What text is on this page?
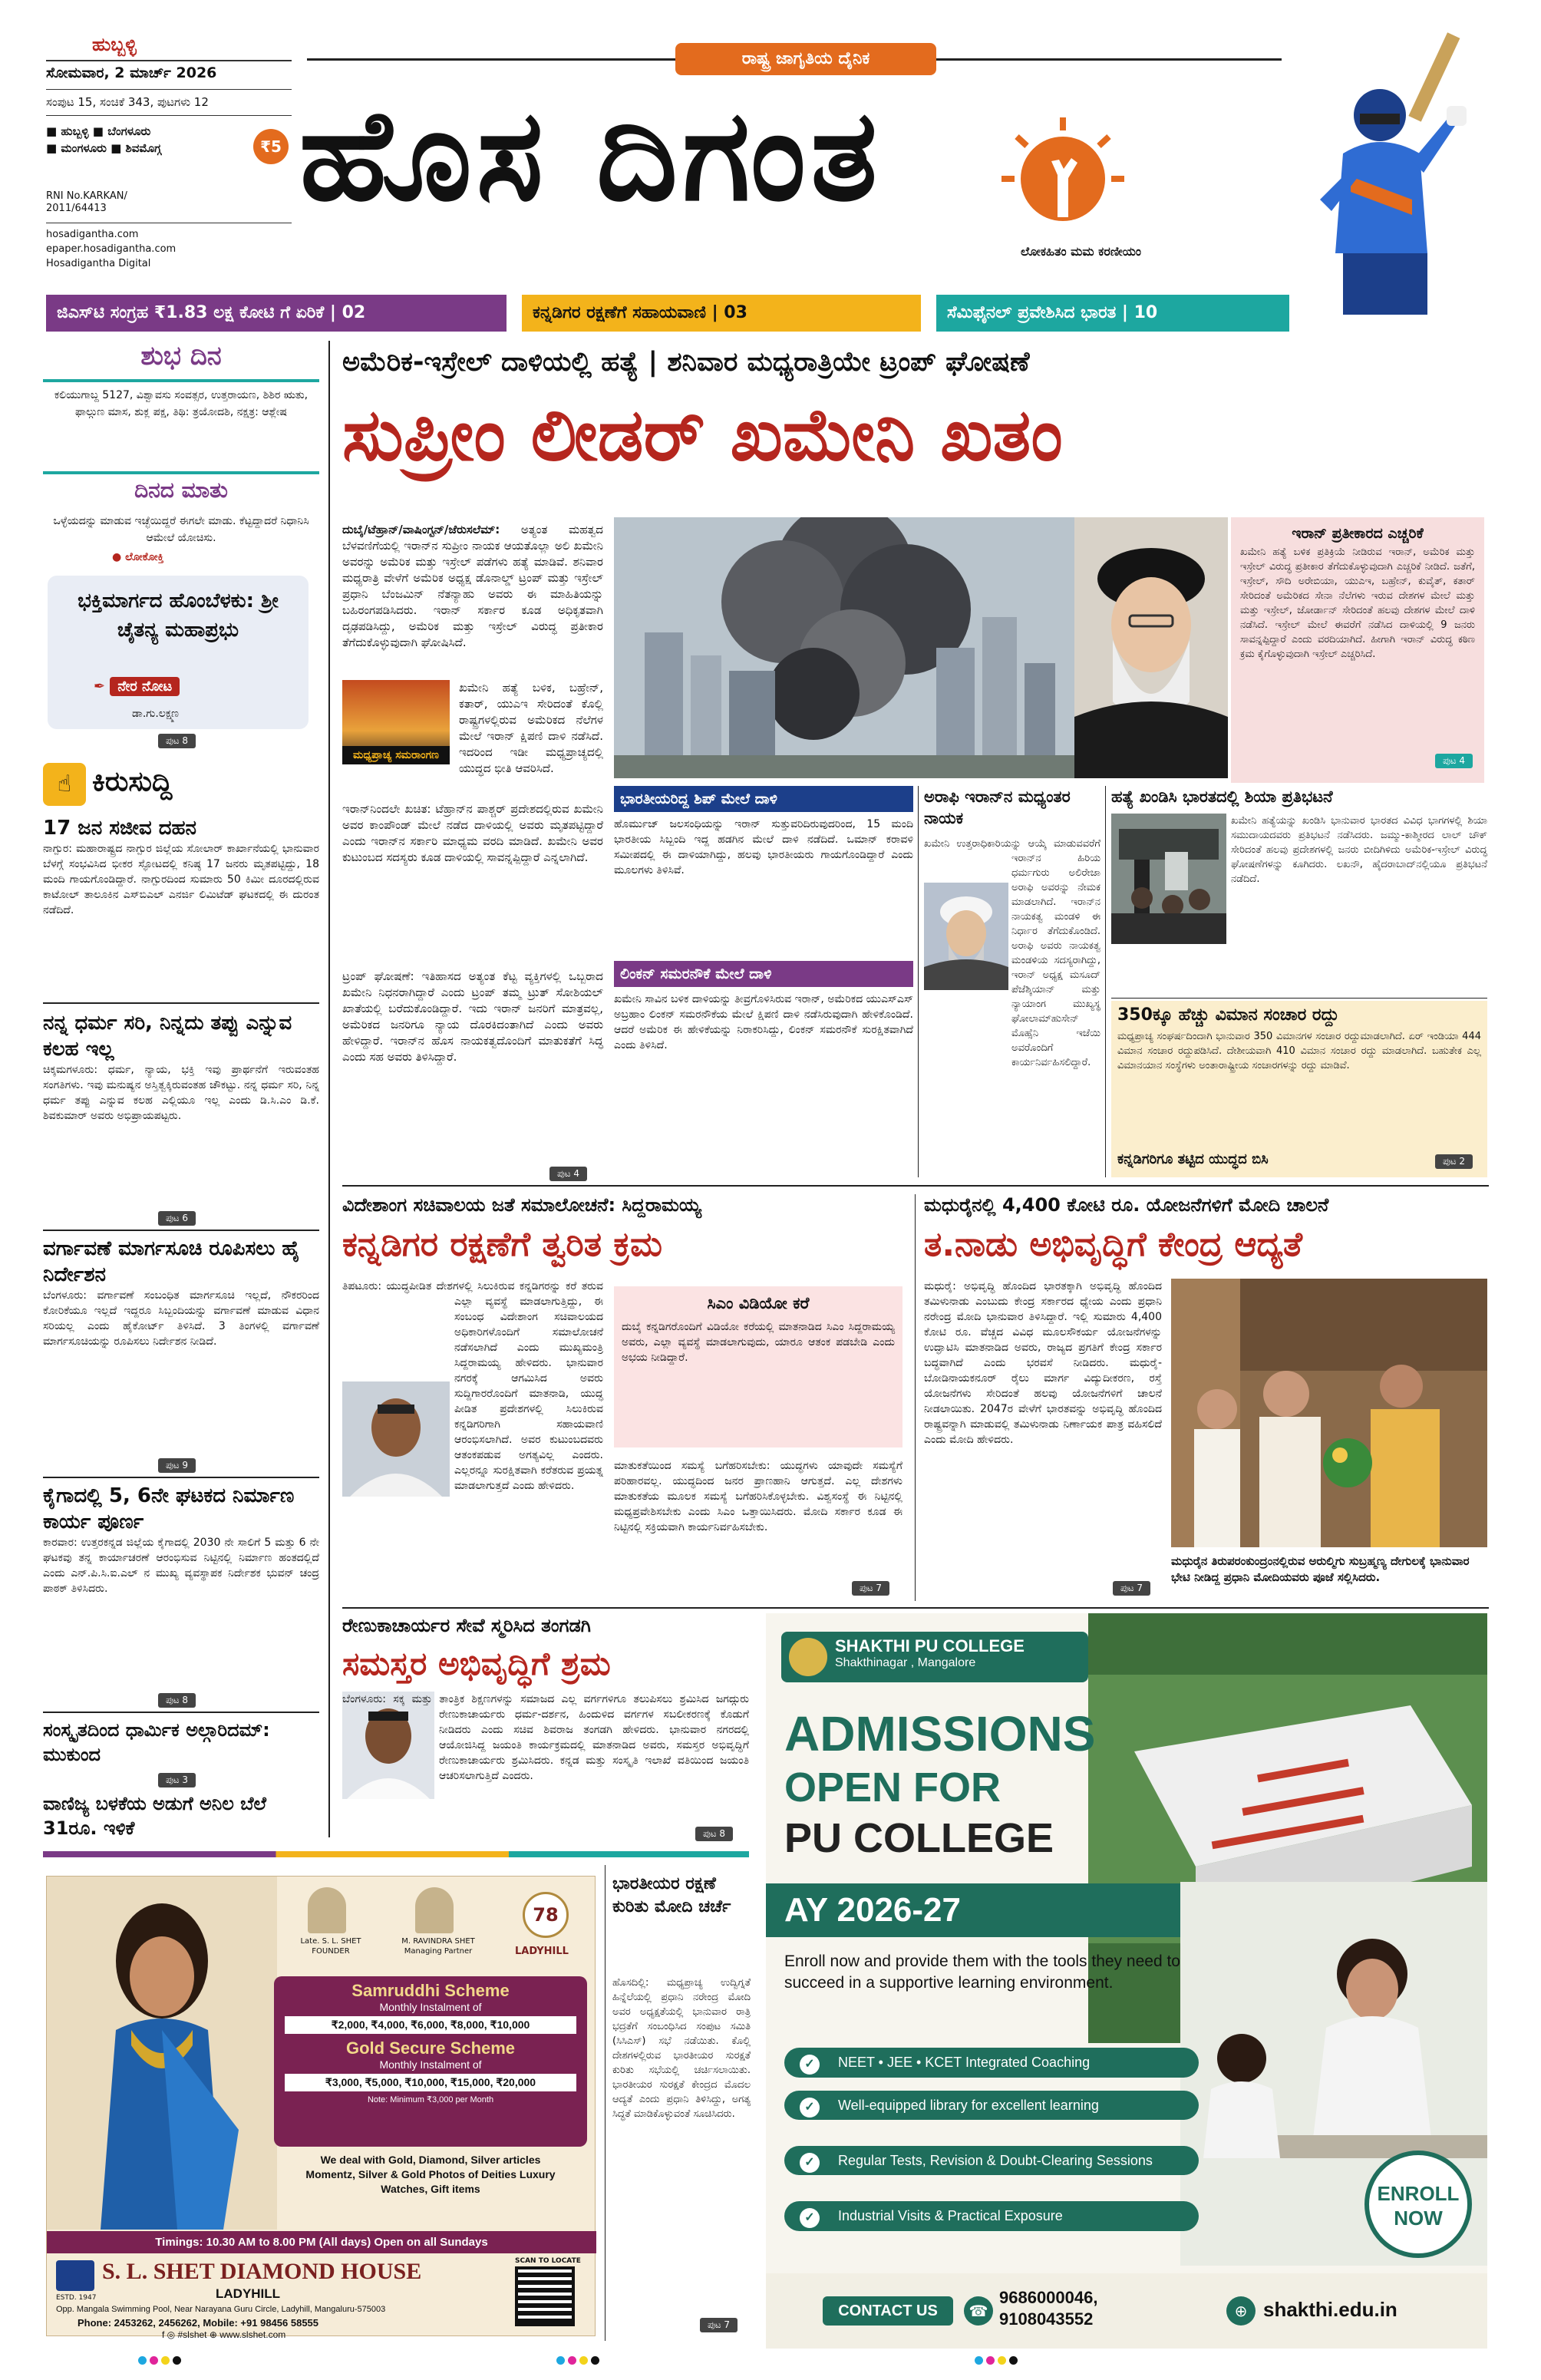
ಹುಬ್ಬಳ್ಳಿ
ಸೋಮವಾರ, 2 ಮಾರ್ಚ್ 2026
ಸಂಪುಟ 15, ಸಂಚಿಕೆ 343, ಪುಟಗಳು 12
■ ಹುಬ್ಬಳ್ಳಿ ■ ಬೆಂಗಳೂರು
■ ಮಂಗಳೂರು ■ ಶಿವಮೊಗ್ಗ	₹5
RNI No.KARKAN/ 2011/64413
hosadigantha.com
epaper.hosadigantha.com
Hosadigantha Digital
ರಾಷ್ಟ್ರ ಜಾಗೃತಿಯ ದೈನಿಕ
ಹೊಸ ದಿಗಂತ
ಲೋಕಹಿತಂ ಮಮ ಕರಣೀಯಂ
ಜಿಎಸ್‌ಟಿ ಸಂಗ್ರಹ ₹1.83 ಲಕ್ಷ ಕೋಟಿ ಗೆ ಏರಿಕೆ | 02	ಕನ್ನಡಿಗರ ರಕ್ಷಣೆಗೆ ಸಹಾಯವಾಣಿ | 03	ಸೆಮಿಫೈನಲ್ ಪ್ರವೇಶಿಸಿದ ಭಾರತ | 10
ಶುಭ ದಿನ
ಕಲಿಯುಗಾಬ್ದ 5127, ವಿಶ್ವಾವಸು ಸಂವತ್ಸರ, ಉತ್ತರಾಯಣ, ಶಿಶಿರ ಋತು, ಫಾಲ್ಗುಣ ಮಾಸ, ಶುಕ್ಲ ಪಕ್ಷ, ತಿಥಿ: ತ್ರಯೋದಶಿ, ನಕ್ಷತ್ರ: ಆಶ್ಲೇಷ
ದಿನದ ಮಾತು
ಒಳ್ಳೆಯದನ್ನು ಮಾಡುವ ಇಚ್ಛೆಯಿದ್ದರೆ ಈಗಲೇ ಮಾಡು. ಕೆಟ್ಟದ್ದಾದರೆ ನಿಧಾನಿಸಿ ಆಮೇಲೆ ಯೋಚಿಸು.
● ಲೋಕೋಕ್ತಿ
ಭಕ್ತಿಮಾರ್ಗದ ಹೊಂಬೆಳಕು: ಶ್ರೀ ಚೈತನ್ಯ ಮಹಾಪ್ರಭು
✒ ನೇರ ನೋಟ
ಡಾ.ಗು.ಲಕ್ಷ್ಮಣ
ಪುಟ 8
☝ ಕಿರುಸುದ್ದಿ
17 ಜನ ಸಜೀವ ದಹನ
ನಾಗ್ಪುರ: ಮಹಾರಾಷ್ಟ್ರದ ನಾಗ್ಪುರ ಜಿಲ್ಲೆಯ ಸೋಲಾರ್ ಕಾರ್ಖಾನೆಯಲ್ಲಿ ಭಾನುವಾರ ಬೆಳಗ್ಗೆ ಸಂಭವಿಸಿದ ಭೀಕರ ಸ್ಫೋಟದಲ್ಲಿ ಕನಿಷ್ಠ 17 ಜನರು ಮೃತಪಟ್ಟಿದ್ದು, 18 ಮಂದಿ ಗಾಯಗೊಂಡಿದ್ದಾರೆ. ನಾಗ್ಪುರದಿಂದ ಸುಮಾರು 50 ಕಿಮೀ ದೂರದಲ್ಲಿರುವ ಕಾಟೋಲ್ ತಾಲೂಕಿನ ಎಸ್‌ಬಿಎಲ್ ಎನರ್ಜಿ ಲಿಮಿಟೆಡ್ ಘಟಕದಲ್ಲಿ ಈ ದುರಂತ ನಡೆದಿದೆ.
ನನ್ನ ಧರ್ಮ ಸರಿ, ನಿನ್ನದು ತಪ್ಪು ಎನ್ನುವ ಕಲಹ ಇಲ್ಲ
ಚಿಕ್ಕಮಗಳೂರು: ಧರ್ಮ, ನ್ಯಾಯ, ಭಕ್ತಿ ಇವು ಪ್ರಾರ್ಥನೆಗೆ ಇರುವಂತಹ ಸಂಗತಿಗಳು. ಇವು ಮನುಷ್ಯನ ಅಸ್ತಿತ್ವಕ್ಕಿರುವಂತಹ ಚೌಕಟ್ಟು. ನನ್ನ ಧರ್ಮ ಸರಿ, ನಿನ್ನ ಧರ್ಮ ತಪ್ಪು ಎನ್ನುವ ಕಲಹ ಎಲ್ಲಿಯೂ ಇಲ್ಲ ಎಂದು ಡಿ.ಸಿ.ಎಂ ಡಿ.ಕೆ. ಶಿವಕುಮಾರ್ ಅವರು ಅಭಿಪ್ರಾಯಪಟ್ಟರು.
ಪುಟ 6
ವರ್ಗಾವಣೆ ಮಾರ್ಗಸೂಚಿ ರೂಪಿಸಲು ಹೈ ನಿರ್ದೇಶನ
ಬೆಂಗಳೂರು: ವರ್ಗಾವಣೆ ಸಂಬಂಧಿತ ಮಾರ್ಗಸೂಚಿ ಇಲ್ಲದೆ, ನೌಕರರಿಂದ ಕೋರಿಕೆಯೂ ಇಲ್ಲದೆ ಇದ್ದರೂ ಸಿಬ್ಬಂದಿಯನ್ನು ವರ್ಗಾವಣೆ ಮಾಡುವ ವಿಧಾನ ಸರಿಯಲ್ಲ ಎಂದು ಹೈಕೋರ್ಟ್ ತಿಳಿಸಿದೆ. 3 ತಿಂಗಳಲ್ಲಿ ವರ್ಗಾವಣೆ ಮಾರ್ಗಸೂಚಿಯನ್ನು ರೂಪಿಸಲು ನಿರ್ದೇಶನ ನೀಡಿದೆ.
ಪುಟ 9
ಕೈಗಾದಲ್ಲಿ 5, 6ನೇ ಘಟಕದ ನಿರ್ಮಾಣ ಕಾರ್ಯ ಪೂರ್ಣ
ಕಾರವಾರ: ಉತ್ತರಕನ್ನಡ ಜಿಲ್ಲೆಯ ಕೈಗಾದಲ್ಲಿ 2030 ನೇ ಸಾಲಿಗೆ 5 ಮತ್ತು 6 ನೇ ಘಟಕವು ತನ್ನ ಕಾರ್ಯಾಚರಣೆ ಆರಂಭಿಸುವ ನಿಟ್ಟಿನಲ್ಲಿ ನಿರ್ಮಾಣ ಹಂತದಲ್ಲಿದೆ ಎಂದು ಎನ್.ಪಿ.ಸಿ.ಐ.ಎಲ್ ನ ಮುಖ್ಯ ವ್ಯವಸ್ಥಾಪಕ ನಿರ್ದೇಶಕ ಭುವನ್ ಚಂದ್ರ ಪಾಠಕ್ ತಿಳಿಸಿದರು.
ಪುಟ 8
ಸಂಸ್ಕೃತದಿಂದ ಧಾರ್ಮಿಕ ಅಲ್ಗಾರಿದಮ್: ಮುಕುಂದ
ಪುಟ 3
ವಾಣಿಜ್ಯ ಬಳಕೆಯ ಅಡುಗೆ ಅನಿಲ ಬೆಲೆ 31ರೂ. ಇಳಿಕೆ
ಅಮೆರಿಕ-ಇಸ್ರೇಲ್ ದಾಳಿಯಲ್ಲಿ ಹತ್ಯೆ | ಶನಿವಾರ ಮಧ್ಯರಾತ್ರಿಯೇ ಟ್ರಂಪ್ ಘೋಷಣೆ
ಸುಪ್ರೀಂ ಲೀಡರ್ ಖಮೇನಿ ಖತಂ
ದುಬೈ/ಟೆಹ್ರಾನ್/ವಾಷಿಂಗ್ಟನ್/ಜೆರುಸಲೆಮ್: ಅತ್ಯಂತ ಮಹತ್ವದ ಬೆಳವಣಿಗೆಯಲ್ಲಿ ಇರಾನ್‌ನ ಸುಪ್ರೀಂ ನಾಯಕ ಆಯತೊಲ್ಲಾ ಅಲಿ ಖಮೇನಿ ಅವರನ್ನು ಅಮೆರಿಕ ಮತ್ತು ಇಸ್ರೇಲ್ ಪಡೆಗಳು ಹತ್ಯೆ ಮಾಡಿವೆ. ಶನಿವಾರ ಮಧ್ಯರಾತ್ರಿ ವೇಳೆಗೆ ಅಮೆರಿಕ ಅಧ್ಯಕ್ಷ ಡೊನಾಲ್ಡ್ ಟ್ರಂಪ್ ಮತ್ತು ಇಸ್ರೇಲ್ ಪ್ರಧಾನಿ ಬೆಂಜಮಿನ್ ನೆತನ್ಯಾಹು ಅವರು ಈ ಮಾಹಿತಿಯನ್ನು ಬಹಿರಂಗಪಡಿಸಿದರು. ಇರಾನ್ ಸರ್ಕಾರ ಕೂಡ ಅಧಿಕೃತವಾಗಿ ದೃಢಪಡಿಸಿದ್ದು, ಅಮೆರಿಕ ಮತ್ತು ಇಸ್ರೇಲ್ ವಿರುದ್ಧ ಪ್ರತೀಕಾರ ತೆಗೆದುಕೊಳ್ಳುವುದಾಗಿ ಘೋಷಿಸಿದೆ.
ಮಧ್ಯಪ್ರಾಚ್ಯ ಸಮರಾಂಗಣ
ಖಮೇನಿ ಹತ್ಯೆ ಬಳಿಕ, ಬಹ್ರೇನ್, ಕತಾರ್, ಯುಎಇ ಸೇರಿದಂತೆ ಕೊಲ್ಲಿ ರಾಷ್ಟ್ರಗಳಲ್ಲಿರುವ ಅಮೆರಿಕದ ನೆಲೆಗಳ ಮೇಲೆ ಇರಾನ್ ಕ್ಷಿಪಣಿ ದಾಳಿ ನಡೆಸಿದೆ. ಇದರಿಂದ ಇಡೀ ಮಧ್ಯಪ್ರಾಚ್ಯದಲ್ಲಿ ಯುದ್ಧದ ಭೀತಿ ಆವರಿಸಿದೆ.
ಇರಾನ್‌ನಿಂದಲೇ ಖಚಿತ: ಟೆಹ್ರಾನ್‌ನ ಪಾಶ್ಚರ್ ಪ್ರದೇಶದಲ್ಲಿರುವ ಖಮೇನಿ ಅವರ ಕಾಂಪೌಂಡ್ ಮೇಲೆ ನಡೆದ ದಾಳಿಯಲ್ಲಿ ಅವರು ಮೃತಪಟ್ಟಿದ್ದಾರೆ ಎಂದು ಇರಾನ್‌ನ ಸರ್ಕಾರಿ ಮಾಧ್ಯಮ ವರದಿ ಮಾಡಿದೆ. ಖಮೇನಿ ಅವರ ಕುಟುಂಬದ ಸದಸ್ಯರು ಕೂಡ ದಾಳಿಯಲ್ಲಿ ಸಾವನ್ನಪ್ಪಿದ್ದಾರೆ ಎನ್ನಲಾಗಿದೆ.
ಟ್ರಂಪ್ ಘೋಷಣೆ: ಇತಿಹಾಸದ ಅತ್ಯಂತ ಕೆಟ್ಟ ವ್ಯಕ್ತಿಗಳಲ್ಲಿ ಒಬ್ಬರಾದ ಖಮೇನಿ ನಿಧನರಾಗಿದ್ದಾರೆ ಎಂದು ಟ್ರಂಪ್ ತಮ್ಮ ಟ್ರುತ್ ಸೋಶಿಯಲ್ ಖಾತೆಯಲ್ಲಿ ಬರೆದುಕೊಂಡಿದ್ದಾರೆ. ಇದು ಇರಾನ್ ಜನರಿಗೆ ಮಾತ್ರವಲ್ಲ, ಅಮೆರಿಕದ ಜನರಿಗೂ ನ್ಯಾಯ ದೊರಕಿದಂತಾಗಿದೆ ಎಂದು ಅವರು ಹೇಳಿದ್ದಾರೆ. ಇರಾನ್‌ನ ಹೊಸ ನಾಯಕತ್ವದೊಂದಿಗೆ ಮಾತುಕತೆಗೆ ಸಿದ್ಧ ಎಂದು ಸಹ ಅವರು ತಿಳಿಸಿದ್ದಾರೆ.
ಪುಟ 4
ಇರಾನ್ ಪ್ರತೀಕಾರದ ಎಚ್ಚರಿಕೆ
ಖಮೇನಿ ಹತ್ಯೆ ಬಳಿಕ ಪ್ರತಿಕ್ರಿಯೆ ನೀಡಿರುವ ಇರಾನ್, ಅಮೆರಿಕ ಮತ್ತು ಇಸ್ರೇಲ್ ವಿರುದ್ಧ ಪ್ರತೀಕಾರ ತೆಗೆದುಕೊಳ್ಳುವುದಾಗಿ ಎಚ್ಚರಿಕೆ ನೀಡಿದೆ. ಜತೆಗೆ, ಇಸ್ರೇಲ್, ಸೌದಿ ಅರೇಬಿಯಾ, ಯುಎಇ, ಬಹ್ರೇನ್, ಕುವೈತ್, ಕತಾರ್ ಸೇರಿದಂತೆ ಅಮೆರಿಕದ ಸೇನಾ ನೆಲೆಗಳು ಇರುವ ದೇಶಗಳ ಮೇಲೆ ಮತ್ತು ಮತ್ತು ಇಸ್ರೇಲ್, ಜೋರ್ಡಾನ್ ಸೇರಿದಂತೆ ಹಲವು ದೇಶಗಳ ಮೇಲೆ ದಾಳಿ ನಡೆಸಿದೆ. ಇಸ್ರೇಲ್ ಮೇಲೆ ಈವರೆಗೆ ನಡೆಸಿದ ದಾಳಿಯಲ್ಲಿ 9 ಜನರು ಸಾವನ್ನಪ್ಪಿದ್ದಾರೆ ಎಂದು ವರದಿಯಾಗಿದೆ. ಹೀಗಾಗಿ ಇರಾನ್ ವಿರುದ್ಧ ಕಠಿಣ ಕ್ರಮ ಕೈಗೊಳ್ಳುವುದಾಗಿ ಇಸ್ರೇಲ್ ಎಚ್ಚರಿಸಿದೆ.
ಪುಟ 4
ಭಾರತೀಯರಿದ್ದ ಶಿಪ್ ಮೇಲೆ ದಾಳಿ
ಹೊರ್ಮುಜ್ ಜಲಸಂಧಿಯನ್ನು ಇರಾನ್ ಸುತ್ತುವರಿದಿರುವುದರಿಂದ, 15 ಮಂದಿ ಭಾರತೀಯ ಸಿಬ್ಬಂದಿ ಇದ್ದ ಹಡಗಿನ ಮೇಲೆ ದಾಳಿ ನಡೆದಿದೆ. ಒಮಾನ್ ಕರಾವಳಿ ಸಮೀಪದಲ್ಲಿ ಈ ದಾಳಿಯಾಗಿದ್ದು, ಹಲವು ಭಾರತೀಯರು ಗಾಯಗೊಂಡಿದ್ದಾರೆ ಎಂದು ಮೂಲಗಳು ತಿಳಿಸಿವೆ.
ಲಿಂಕನ್ ಸಮರನೌಕೆ ಮೇಲೆ ದಾಳಿ
ಖಮೇನಿ ಸಾವಿನ ಬಳಿಕ ದಾಳಿಯನ್ನು ತೀವ್ರಗೊಳಿಸಿರುವ ಇರಾನ್, ಅಮೆರಿಕದ ಯುಎಸ್‌ಎಸ್ ಅಬ್ರಹಾಂ ಲಿಂಕನ್ ಸಮರನೌಕೆಯ ಮೇಲೆ ಕ್ಷಿಪಣಿ ದಾಳಿ ನಡೆಸಿರುವುದಾಗಿ ಹೇಳಿಕೊಂಡಿದೆ. ಆದರೆ ಅಮೆರಿಕ ಈ ಹೇಳಿಕೆಯನ್ನು ನಿರಾಕರಿಸಿದ್ದು, ಲಿಂಕನ್ ಸಮರನೌಕೆ ಸುರಕ್ಷಿತವಾಗಿದೆ ಎಂದು ತಿಳಿಸಿದೆ.
ಅರಾಫಿ ಇರಾನ್‌ನ ಮಧ್ಯಂತರ ನಾಯಕ
ಖಮೇನಿ ಉತ್ತರಾಧಿಕಾರಿಯನ್ನು ಆಯ್ಕೆ ಮಾಡುವವರೆಗೆ ಇರಾನ್‌ನ ಹಿರಿಯ ಧರ್ಮಗುರು ಅಲಿರೇಜಾ ಅರಾಫಿ ಅವರನ್ನು ನೇಮಕ ಮಾಡಲಾಗಿದೆ. ಇರಾನ್‌ನ ನಾಯಕತ್ವ ಮಂಡಳಿ ಈ ನಿರ್ಧಾರ ತೆಗೆದುಕೊಂಡಿದೆ. ಅರಾಫಿ ಅವರು ನಾಯಕತ್ವ ಮಂಡಳಿಯ ಸದಸ್ಯರಾಗಿದ್ದು, ಇರಾನ್ ಅಧ್ಯಕ್ಷ ಮಸೂದ್ ಪೆಜೆಶ್ಕಿಯಾನ್ ಮತ್ತು ನ್ಯಾಯಾಂಗ ಮುಖ್ಯಸ್ಥ ಘೋಲಾಮ್‌ಹುಸೇನ್ ಮೊಹ್ಸೆನಿ ಇಜೆಯಿ ಅವರೊಂದಿಗೆ ಕಾರ್ಯನಿರ್ವಹಿಸಲಿದ್ದಾರೆ.
ಹತ್ಯೆ ಖಂಡಿಸಿ ಭಾರತದಲ್ಲಿ ಶಿಯಾ ಪ್ರತಿಭಟನೆ
ಖಮೇನಿ ಹತ್ಯೆಯನ್ನು ಖಂಡಿಸಿ ಭಾನುವಾರ ಭಾರತದ ವಿವಿಧ ಭಾಗಗಳಲ್ಲಿ ಶಿಯಾ ಸಮುದಾಯದವರು ಪ್ರತಿಭಟನೆ ನಡೆಸಿದರು. ಜಮ್ಮು-ಕಾಶ್ಮೀರದ ಲಾಲ್ ಚೌಕ್ ಸೇರಿದಂತೆ ಹಲವು ಪ್ರದೇಶಗಳಲ್ಲಿ ಜನರು ಬೀದಿಗಿಳಿದು ಅಮೆರಿಕ-ಇಸ್ರೇಲ್ ವಿರುದ್ಧ ಘೋಷಣೆಗಳನ್ನು ಕೂಗಿದರು. ಲಖನೌ, ಹೈದರಾಬಾದ್‌ನಲ್ಲಿಯೂ ಪ್ರತಿಭಟನೆ ನಡೆದಿದೆ.
350ಕ್ಕೂ ಹೆಚ್ಚು ವಿಮಾನ ಸಂಚಾರ ರದ್ದು
ಮಧ್ಯಪ್ರಾಚ್ಯ ಸಂಘರ್ಷದಿಂದಾಗಿ ಭಾನುವಾರ 350 ವಿಮಾನಗಳ ಸಂಚಾರ ರದ್ದುಮಾಡಲಾಗಿದೆ. ಏರ್ ಇಂಡಿಯಾ 444 ವಿಮಾನ ಸಂಚಾರ ರದ್ದುಪಡಿಸಿದೆ. ದೇಶೀಯವಾಗಿ 410 ವಿಮಾನ ಸಂಚಾರ ರದ್ದು ಮಾಡಲಾಗಿದೆ. ಬಹುತೇಕ ಎಲ್ಲ ವಿಮಾನಯಾನ ಸಂಸ್ಥೆಗಳು ಅಂತಾರಾಷ್ಟ್ರೀಯ ಸಂಚಾರಗಳನ್ನು ರದ್ದು ಮಾಡಿವೆ.
ಕನ್ನಡಿಗರಿಗೂ ತಟ್ಟಿದ ಯುದ್ಧದ ಬಿಸಿ	ಪುಟ 2
ವಿದೇಶಾಂಗ ಸಚಿವಾಲಯ ಜತೆ ಸಮಾಲೋಚನೆ: ಸಿದ್ದರಾಮಯ್ಯ
ಕನ್ನಡಿಗರ ರಕ್ಷಣೆಗೆ ತ್ವರಿತ ಕ್ರಮ
ತಿಪಟೂರು: ಯುದ್ಧಪೀಡಿತ ದೇಶಗಳಲ್ಲಿ ಸಿಲುಕಿರುವ ಕನ್ನಡಿಗರನ್ನು ಕರೆ ತರುವ ಎಲ್ಲಾ ವ್ಯವಸ್ಥೆ ಮಾಡಲಾಗುತ್ತಿದ್ದು, ಈ ಸಂಬಂಧ ವಿದೇಶಾಂಗ ಸಚಿವಾಲಯದ ಅಧಿಕಾರಿಗಳೊಂದಿಗೆ ಸಮಾಲೋಚನೆ ನಡೆಸಲಾಗಿದೆ ಎಂದು ಮುಖ್ಯಮಂತ್ರಿ ಸಿದ್ದರಾಮಯ್ಯ ಹೇಳಿದರು. ಭಾನುವಾರ ನಗರಕ್ಕೆ ಆಗಮಿಸಿದ ಅವರು ಸುದ್ದಿಗಾರರೊಂದಿಗೆ ಮಾತನಾಡಿ, ಯುದ್ಧ ಪೀಡಿತ ಪ್ರದೇಶಗಳಲ್ಲಿ ಸಿಲುಕಿರುವ ಕನ್ನಡಿಗರಿಗಾಗಿ ಸಹಾಯವಾಣಿ ಆರಂಭಿಸಲಾಗಿದೆ. ಅವರ ಕುಟುಂಬದವರು ಆತಂಕಪಡುವ ಅಗತ್ಯವಿಲ್ಲ ಎಂದರು. ಎಲ್ಲರನ್ನೂ ಸುರಕ್ಷಿತವಾಗಿ ಕರೆತರುವ ಪ್ರಯತ್ನ ಮಾಡಲಾಗುತ್ತದೆ ಎಂದು ಹೇಳಿದರು.
ಸಿಎಂ ವಿಡಿಯೋ ಕರೆ
ದುಬೈ ಕನ್ನಡಿಗರೊಂದಿಗೆ ವಿಡಿಯೋ ಕರೆಯಲ್ಲಿ ಮಾತನಾಡಿದ ಸಿಎಂ ಸಿದ್ದರಾಮಯ್ಯ ಅವರು, ಎಲ್ಲಾ ವ್ಯವಸ್ಥೆ ಮಾಡಲಾಗುವುದು, ಯಾರೂ ಆತಂಕ ಪಡಬೇಡಿ ಎಂದು ಅಭಯ ನೀಡಿದ್ದಾರೆ.
ಮಾತುಕತೆಯಿಂದ ಸಮಸ್ಯೆ ಬಗೆಹರಿಸಬೇಕು: ಯುದ್ಧಗಳು ಯಾವುದೇ ಸಮಸ್ಯೆಗೆ ಪರಿಹಾರವಲ್ಲ. ಯುದ್ಧದಿಂದ ಜನರ ಪ್ರಾಣಹಾನಿ ಆಗುತ್ತದೆ. ಎಲ್ಲ ದೇಶಗಳು ಮಾತುಕತೆಯ ಮೂಲಕ ಸಮಸ್ಯೆ ಬಗೆಹರಿಸಿಕೊಳ್ಳಬೇಕು. ವಿಶ್ವಸಂಸ್ಥೆ ಈ ನಿಟ್ಟಿನಲ್ಲಿ ಮಧ್ಯಪ್ರವೇಶಿಸಬೇಕು ಎಂದು ಸಿಎಂ ಒತ್ತಾಯಿಸಿದರು. ಮೋದಿ ಸರ್ಕಾರ ಕೂಡ ಈ ನಿಟ್ಟಿನಲ್ಲಿ ಸಕ್ರಿಯವಾಗಿ ಕಾರ್ಯನಿರ್ವಹಿಸಬೇಕು.
ಪುಟ 7
ಮಧುರೈನಲ್ಲಿ 4,400 ಕೋಟಿ ರೂ. ಯೋಜನೆಗಳಿಗೆ ಮೋದಿ ಚಾಲನೆ
ತ.ನಾಡು ಅಭಿವೃದ್ಧಿಗೆ ಕೇಂದ್ರ ಆದ್ಯತೆ
ಮಧುರೈ: ಅಭಿವೃದ್ಧಿ ಹೊಂದಿದ ಭಾರತಕ್ಕಾಗಿ ಅಭಿವೃದ್ಧಿ ಹೊಂದಿದ ತಮಿಳುನಾಡು ಎಂಬುದು ಕೇಂದ್ರ ಸರ್ಕಾರದ ಧ್ಯೇಯ ಎಂದು ಪ್ರಧಾನಿ ನರೇಂದ್ರ ಮೋದಿ ಭಾನುವಾರ ತಿಳಿಸಿದ್ದಾರೆ. ಇಲ್ಲಿ ಸುಮಾರು 4,400 ಕೋಟಿ ರೂ. ವೆಚ್ಚದ ವಿವಿಧ ಮೂಲಸೌಕರ್ಯ ಯೋಜನೆಗಳನ್ನು ಉದ್ಘಾಟಿಸಿ ಮಾತನಾಡಿದ ಅವರು, ರಾಜ್ಯದ ಪ್ರಗತಿಗೆ ಕೇಂದ್ರ ಸರ್ಕಾರ ಬದ್ಧವಾಗಿದೆ ಎಂದು ಭರವಸೆ ನೀಡಿದರು. ಮಧುರೈ-ಬೋಡಿನಾಯಕನೂರ್ ರೈಲು ಮಾರ್ಗ ವಿದ್ಯುದೀಕರಣ, ರಸ್ತೆ ಯೋಜನೆಗಳು ಸೇರಿದಂತೆ ಹಲವು ಯೋಜನೆಗಳಿಗೆ ಚಾಲನೆ ನೀಡಲಾಯಿತು. 2047ರ ವೇಳೆಗೆ ಭಾರತವನ್ನು ಅಭಿವೃದ್ಧಿ ಹೊಂದಿದ ರಾಷ್ಟ್ರವನ್ನಾಗಿ ಮಾಡುವಲ್ಲಿ ತಮಿಳುನಾಡು ನಿರ್ಣಾಯಕ ಪಾತ್ರ ವಹಿಸಲಿದೆ ಎಂದು ಮೋದಿ ಹೇಳಿದರು.
ಮಧುರೈನ ತಿರುಪರಂಕುಂದ್ರಂನಲ್ಲಿರುವ ಅರುಲ್ಮಿಗು ಸುಬ್ರಹ್ಮಣ್ಯ ದೇಗುಲಕ್ಕೆ ಭಾನುವಾರ ಭೇಟಿ ನೀಡಿದ್ದ ಪ್ರಧಾನಿ ಮೋದಿಯವರು ಪೂಜೆ ಸಲ್ಲಿಸಿದರು.
ಪುಟ 7
ರೇಣುಕಾಚಾರ್ಯರ ಸೇವೆ ಸ್ಮರಿಸಿದ ತಂಗಡಗಿ
ಸಮಸ್ತರ ಅಭಿವೃದ್ಧಿಗೆ ಶ್ರಮ
ಬೆಂಗಳೂರು: ಸಕ್ಕ ಮತ್ತು ತಾಂತ್ರಿಕ ಶಿಕ್ಷಣಗಳನ್ನು ಸಮಾಜದ ಎಲ್ಲ ವರ್ಗಗಳಿಗೂ ತಲುಪಿಸಲು ಶ್ರಮಿಸಿದ ಜಗದ್ಗುರು ರೇಣುಕಾಚಾರ್ಯರು ಧರ್ಮ-ದರ್ಶನ, ಹಿಂದುಳಿದ ವರ್ಗಗಳ ಸಬಲೀಕರಣಕ್ಕೆ ಕೊಡುಗೆ ನೀಡಿದರು ಎಂದು ಸಚಿವ ಶಿವರಾಜ ತಂಗಡಗಿ ಹೇಳಿದರು. ಭಾನುವಾರ ನಗರದಲ್ಲಿ ಆಯೋಜಿಸಿದ್ದ ಜಯಂತಿ ಕಾರ್ಯಕ್ರಮದಲ್ಲಿ ಮಾತನಾಡಿದ ಅವರು, ಸಮಸ್ತರ ಅಭಿವೃದ್ಧಿಗೆ ರೇಣುಕಾಚಾರ್ಯರು ಶ್ರಮಿಸಿದರು. ಕನ್ನಡ ಮತ್ತು ಸಂಸ್ಕೃತಿ ಇಲಾಖೆ ವತಿಯಿಂದ ಜಯಂತಿ ಆಚರಿಸಲಾಗುತ್ತಿದೆ ಎಂದರು.
ಪುಟ 8
78
LADYHILL
Late. S. L. SHET FOUNDER
M. RAVINDRA SHET Managing Partner
Samruddhi Scheme
Monthly Instalment of
₹2,000, ₹4,000, ₹6,000, ₹8,000, ₹10,000
Gold Secure Scheme
Monthly Instalment of
₹3,000, ₹5,000, ₹10,000, ₹15,000, ₹20,000
Note: Minimum ₹3,000 per Month
We deal with Gold, Diamond, Silver articles Momentz, Silver & Gold Photos of Deities Luxury Watches, Gift items
Timings: 10.30 AM to 8.00 PM (All days) Open on all Sundays
ESTD. 1947
S. L. SHET DIAMOND HOUSE
LADYHILL
Opp. Mangala Swimming Pool, Near Narayana Guru Circle, Ladyhill, Mangaluru-575003
Phone: 2453262, 2456262, Mobile: +91 98456 58555
f ◎ #slshet ⊕ www.slshet.com
SCAN TO LOCATE
ಭಾರತೀಯರ ರಕ್ಷಣೆ ಕುರಿತು ಮೋದಿ ಚರ್ಚೆ
ಹೊಸದಿಲ್ಲಿ: ಮಧ್ಯಪ್ರಾಚ್ಯ ಉದ್ವಿಗ್ನತೆ ಹಿನ್ನೆಲೆಯಲ್ಲಿ ಪ್ರಧಾನಿ ನರೇಂದ್ರ ಮೋದಿ ಅವರ ಅಧ್ಯಕ್ಷತೆಯಲ್ಲಿ ಭಾನುವಾರ ರಾತ್ರಿ ಭದ್ರತೆಗೆ ಸಂಬಂಧಿಸಿದ ಸಂಪುಟ ಸಮಿತಿ (ಸಿಸಿಎಸ್) ಸಭೆ ನಡೆಯಿತು. ಕೊಲ್ಲಿ ದೇಶಗಳಲ್ಲಿರುವ ಭಾರತೀಯರ ಸುರಕ್ಷತೆ ಕುರಿತು ಸಭೆಯಲ್ಲಿ ಚರ್ಚಿಸಲಾಯಿತು. ಭಾರತೀಯರ ಸುರಕ್ಷತೆ ಕೇಂದ್ರದ ಮೊದಲ ಆದ್ಯತೆ ಎಂದು ಪ್ರಧಾನಿ ತಿಳಿಸಿದ್ದು, ಅಗತ್ಯ ಸಿದ್ಧತೆ ಮಾಡಿಕೊಳ್ಳುವಂತೆ ಸೂಚಿಸಿದರು.
ಪುಟ 7
SHAKTHI PU COLLEGE
Shakthinagar , Mangalore
ADMISSIONS
OPEN FOR
PU COLLEGE
AY 2026-27
Enroll now and provide them with the tools they need to succeed in a supportive learning environment.
✓	NEET • JEE • KCET Integrated Coaching
✓	Well-equipped library for excellent learning
✓	Regular Tests, Revision & Doubt-Clearing Sessions
✓	Industrial Visits & Practical Exposure
ENROLL NOW
CONTACT US	☎
9686000046, 9108043552	⊕ shakthi.edu.in
